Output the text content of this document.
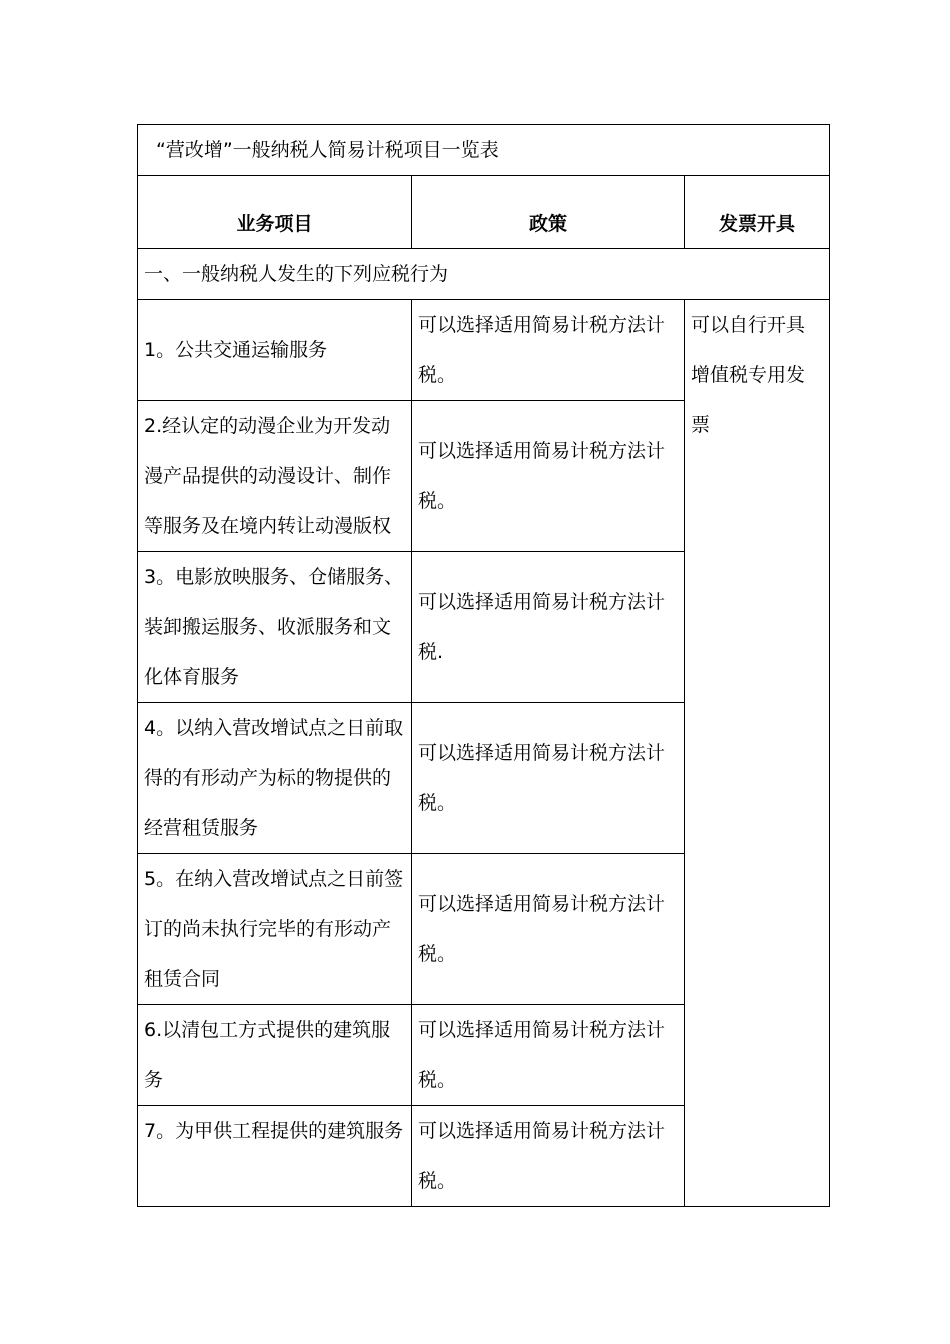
“营改增”一般纳税人简易计税项目一览表		
业务项目	政策	发票开具
一、一般纳税人发生的下列应税行为		
1。公共交通运输服务	可以选择适用简易计税方法计税。	可以自行开具增值税专用发票
2.经认定的动漫企业为开发动漫产品提供的动漫设计、制作等服务及在境内转让动漫版权	可以选择适用简易计税方法计税。	
3。电影放映服务、仓储服务、装卸搬运服务、收派服务和文化体育服务	可以选择适用简易计税方法计税.	
4。以纳入营改增试点之日前取得的有形动产为标的物提供的经营租赁服务	可以选择适用简易计税方法计税。	
5。在纳入营改增试点之日前签订的尚未执行完毕的有形动产租赁合同	可以选择适用简易计税方法计税。	
6.以清包工方式提供的建筑服务	可以选择适用简易计税方法计税。	
7。为甲供工程提供的建筑服务	可以选择适用简易计税方法计税。	
